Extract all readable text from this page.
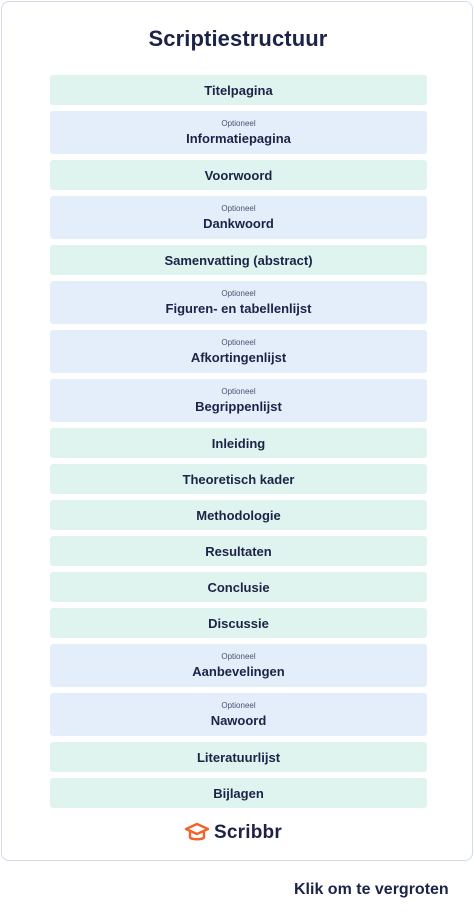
Scriptiestructuur
Titelpagina
Optioneel
Informatiepagina
Voorwoord
Optioneel
Dankwoord
Samenvatting (abstract)
Optioneel
Figuren- en tabellenlijst
Optioneel
Afkortingenlijst
Optioneel
Begrippenlijst
Inleiding
Theoretisch kader
Methodologie
Resultaten
Conclusie
Discussie
Optioneel
Aanbevelingen
Optioneel
Nawoord
Literatuurlijst
Bijlagen
Scribbr
Klik om te vergroten
